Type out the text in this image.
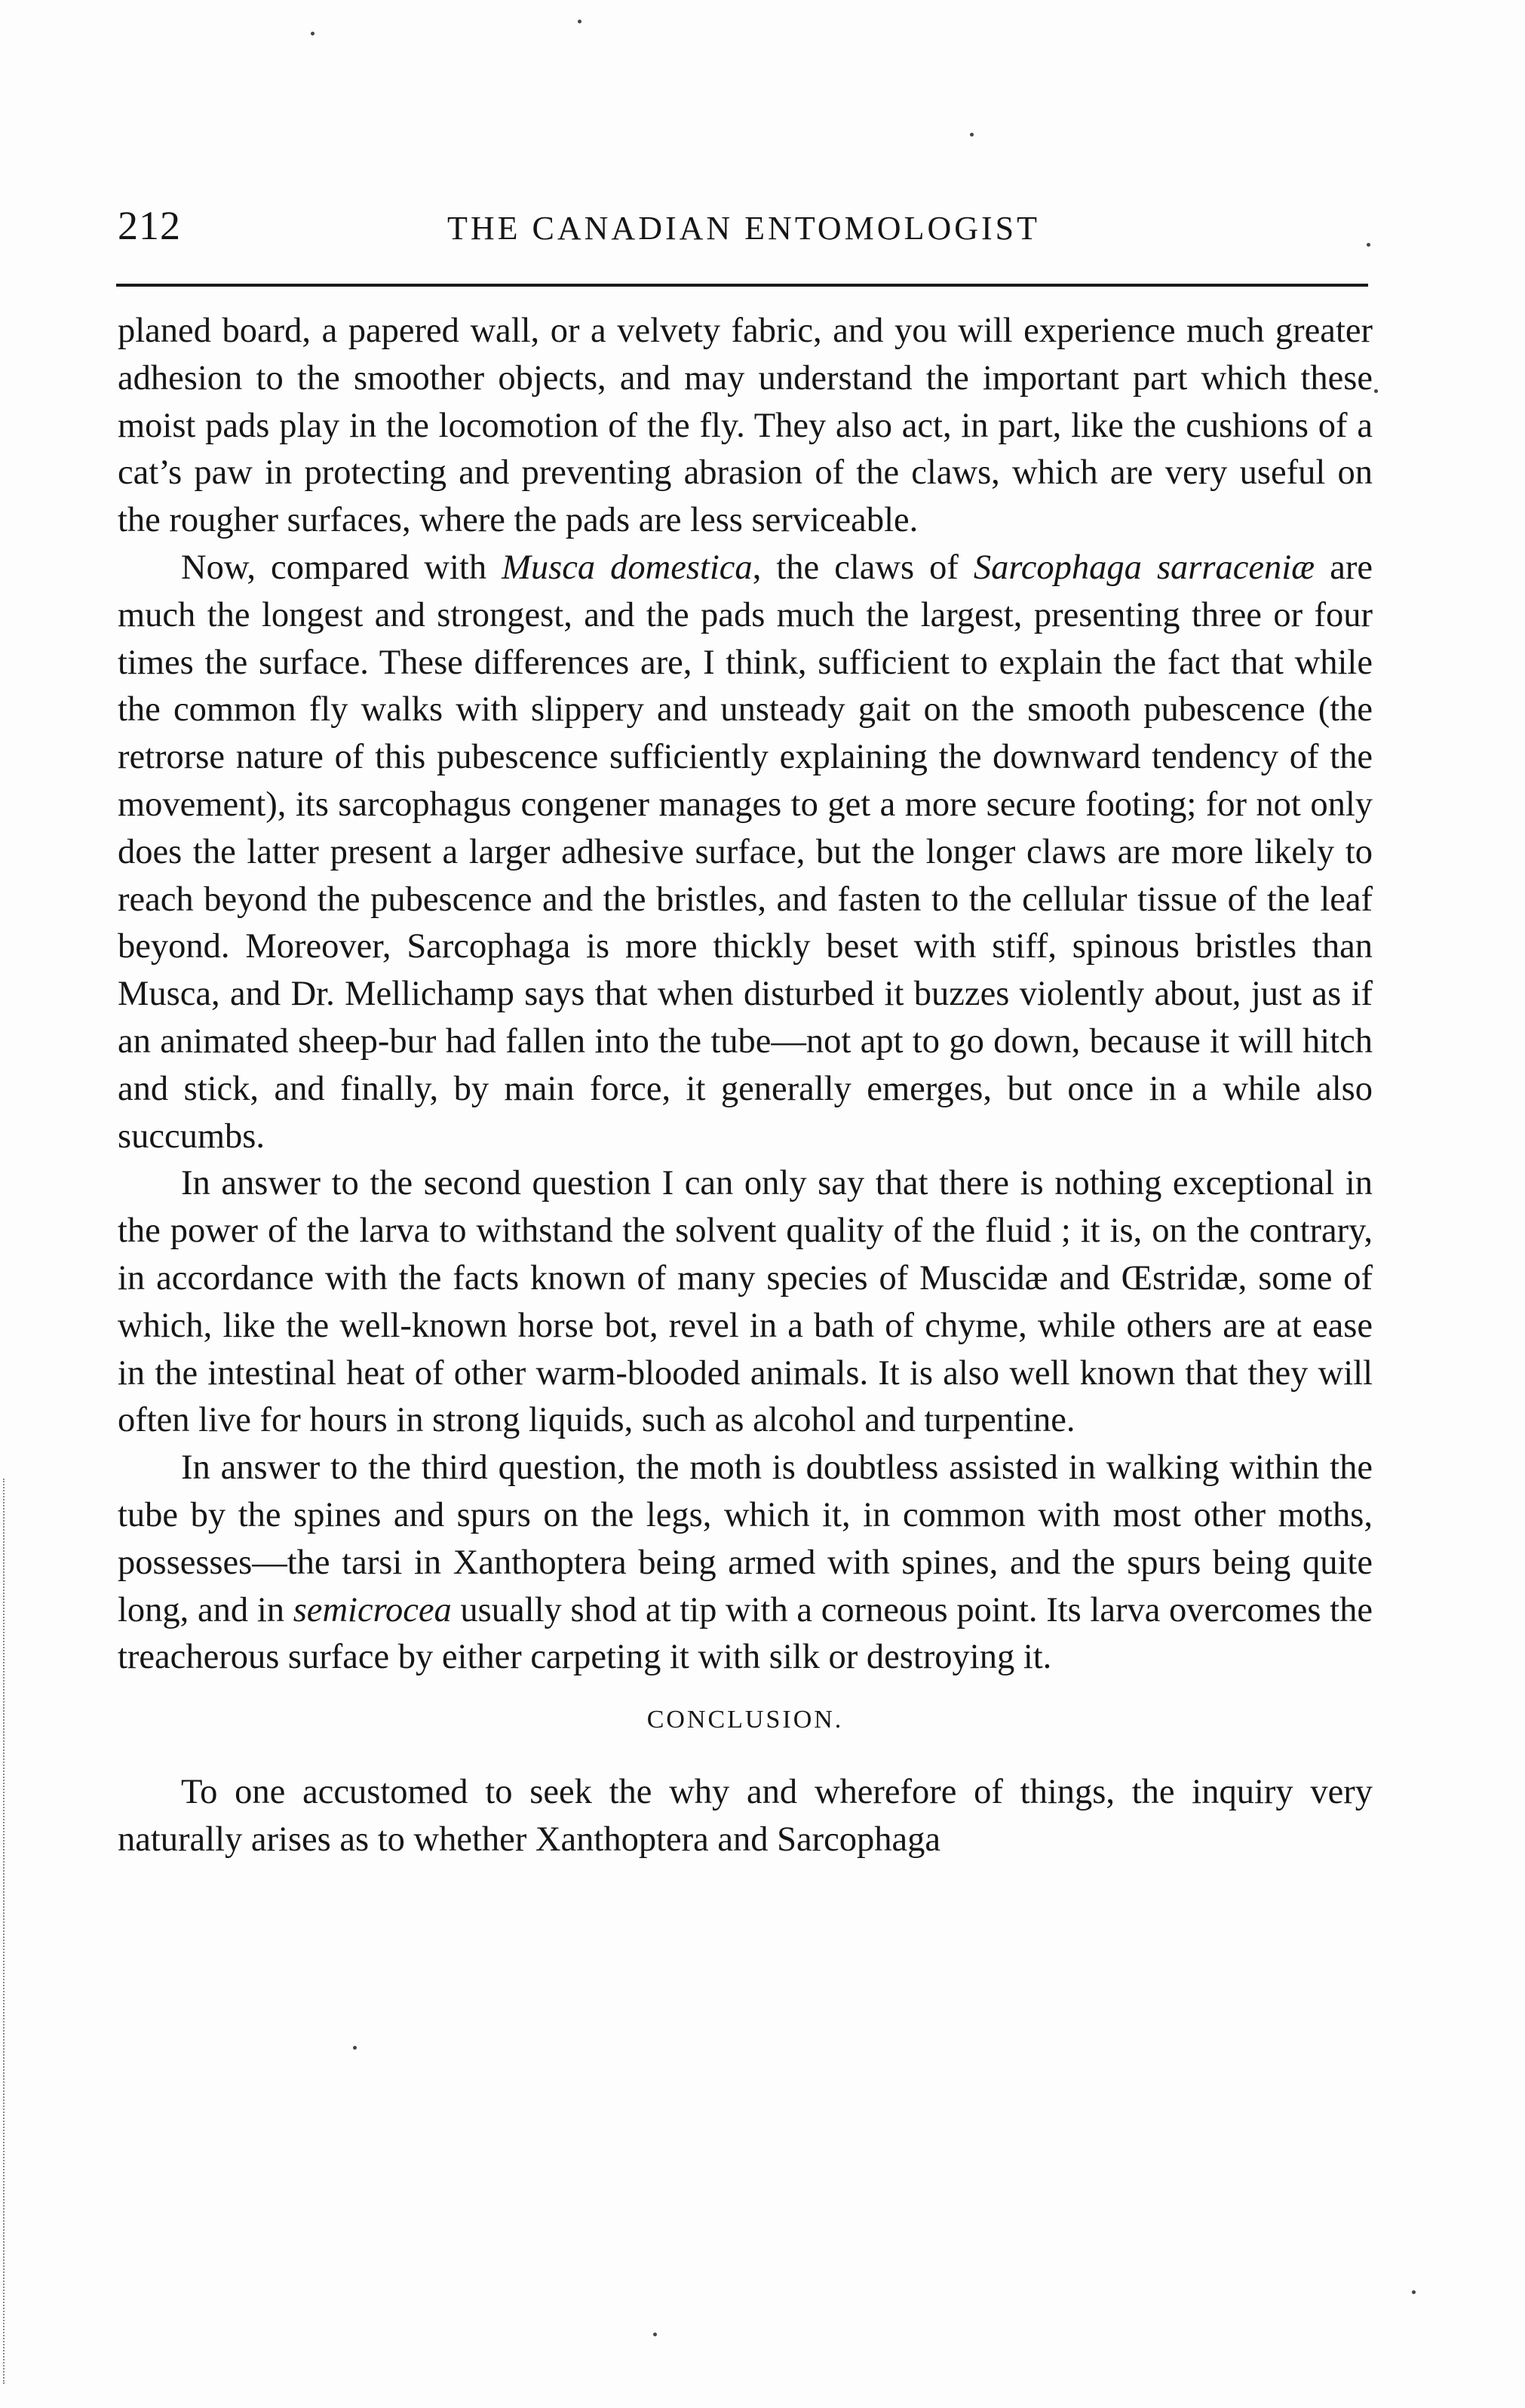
212	THE CANADIAN ENTOMOLOGIST

planed board, a papered wall, or a velvety fabric, and you will experience much greater adhesion to the smoother objects, and may understand the important part which these moist pads play in the locomotion of the fly. They also act, in part, like the cushions of a cat’s paw in protecting and preventing abrasion of the claws, which are very useful on the rougher surfaces, where the pads are less serviceable.

Now, compared with Musca domestica, the claws of Sarcophaga sarraceniæ are much the longest and strongest, and the pads much the largest, presenting three or four times the surface. These differences are, I think, sufficient to explain the fact that while the common fly walks with slippery and unsteady gait on the smooth pubescence (the retrorse nature of this pubescence sufficiently explaining the downward tendency of the movement), its sarcophagus congener manages to get a more secure footing; for not only does the latter present a larger adhesive surface, but the longer claws are more likely to reach beyond the pubescence and the bristles, and fasten to the cellular tissue of the leaf beyond. Moreover, Sarcophaga is more thickly beset with stiff, spinous bristles than Musca, and Dr. Mellichamp says that when disturbed it buzzes violently about, just as if an animated sheep-bur had fallen into the tube—not apt to go down, because it will hitch and stick, and finally, by main force, it generally emerges, but once in a while also succumbs.

In answer to the second question I can only say that there is nothing exceptional in the power of the larva to withstand the solvent quality of the fluid ; it is, on the contrary, in accordance with the facts known of many species of Muscidæ and Œstridæ, some of which, like the well-known horse bot, revel in a bath of chyme, while others are at ease in the intestinal heat of other warm-blooded animals. It is also well known that they will often live for hours in strong liquids, such as alcohol and turpentine.

In answer to the third question, the moth is doubtless assisted in walking within the tube by the spines and spurs on the legs, which it, in common with most other moths, possesses—the tarsi in Xanthoptera being armed with spines, and the spurs being quite long, and in semicrocea usually shod at tip with a corneous point. Its larva overcomes the treacherous surface by either carpeting it with silk or destroying it.

CONCLUSION.

To one accustomed to seek the why and wherefore of things, the inquiry very naturally arises as to whether Xanthoptera and Sarcophaga
